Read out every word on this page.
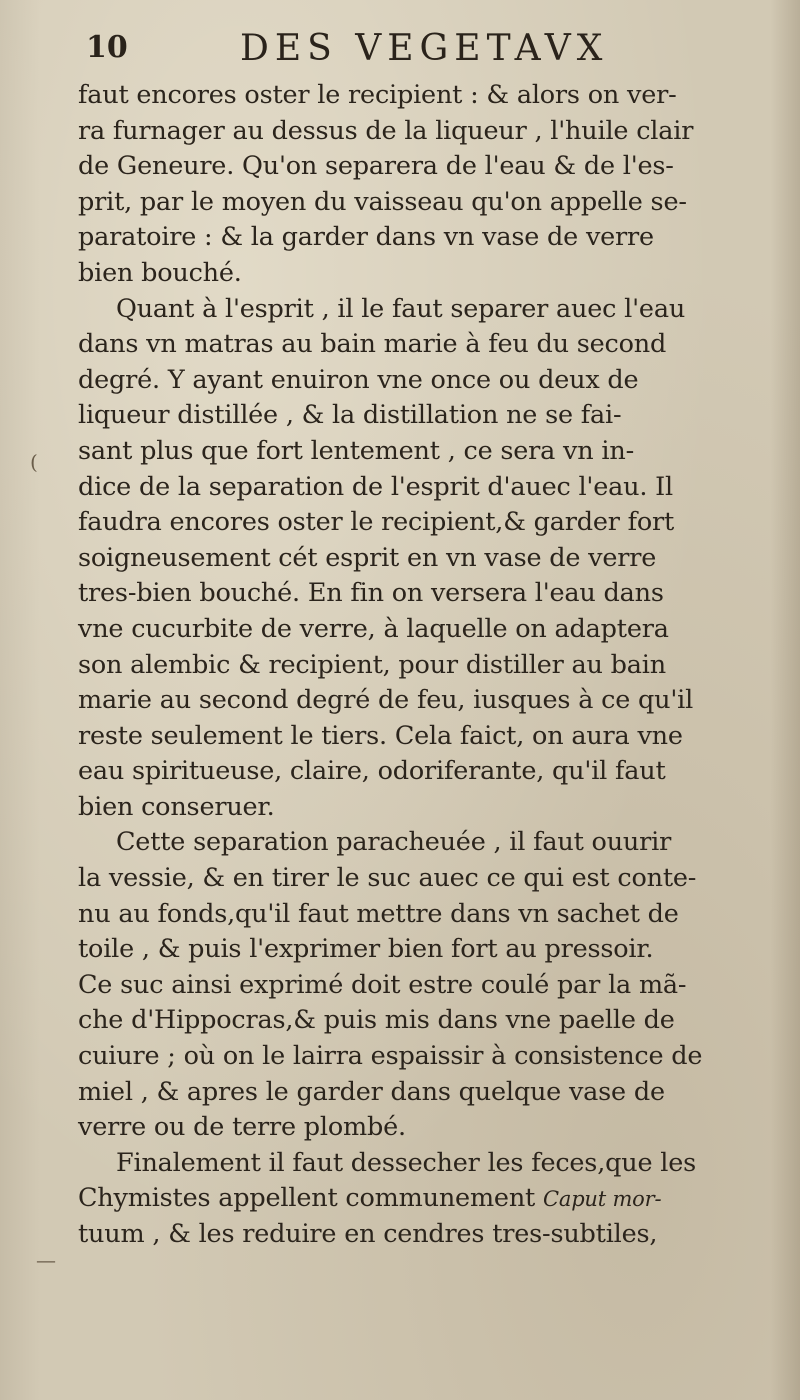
10	DES VEGETAVX
faut encores oster le recipient : & alors on ver-
ra furnager au dessus de la liqueur , l'huile clair
de Geneure. Qu'on separera de l'eau & de l'es-
prit, par le moyen du vaisseau qu'on appelle se-
paratoire : & la garder dans vn vase de verre
bien bouché.
Quant à l'esprit , il le faut separer auec l'eau
dans vn matras au bain marie à feu du second
degré. Y ayant enuiron vne once ou deux de
liqueur distillée , & la distillation ne se fai-
sant plus que fort lentement , ce sera vn in-
dice de la separation de l'esprit d'auec l'eau. Il
faudra encores oster le recipient,& garder fort
soigneusement cét esprit en vn vase de verre
tres-bien bouché. En fin on versera l'eau dans
vne cucurbite de verre, à laquelle on adaptera
son alembic & recipient, pour distiller au bain
marie au second degré de feu, iusques à ce qu'il
reste seulement le tiers. Cela faict, on aura vne
eau spiritueuse, claire, odoriferante, qu'il faut
bien conseruer.
Cette separation paracheuée , il faut ouurir
la vessie, & en tirer le suc auec ce qui est conte-
nu au fonds,qu'il faut mettre dans vn sachet de
toile , & puis l'exprimer bien fort au pressoir.
Ce suc ainsi exprimé doit estre coulé par la mã-
che d'Hippocras,& puis mis dans vne paelle de
cuiure ; où on le lairra espaissir à consistence de
miel , & apres le garder dans quelque vase de
verre ou de terre plombé.
Finalement il faut dessecher les feces,que les
Chymistes appellent communement Caput mor-
tuum , & les reduire en cendres tres-subtiles,
(
—
